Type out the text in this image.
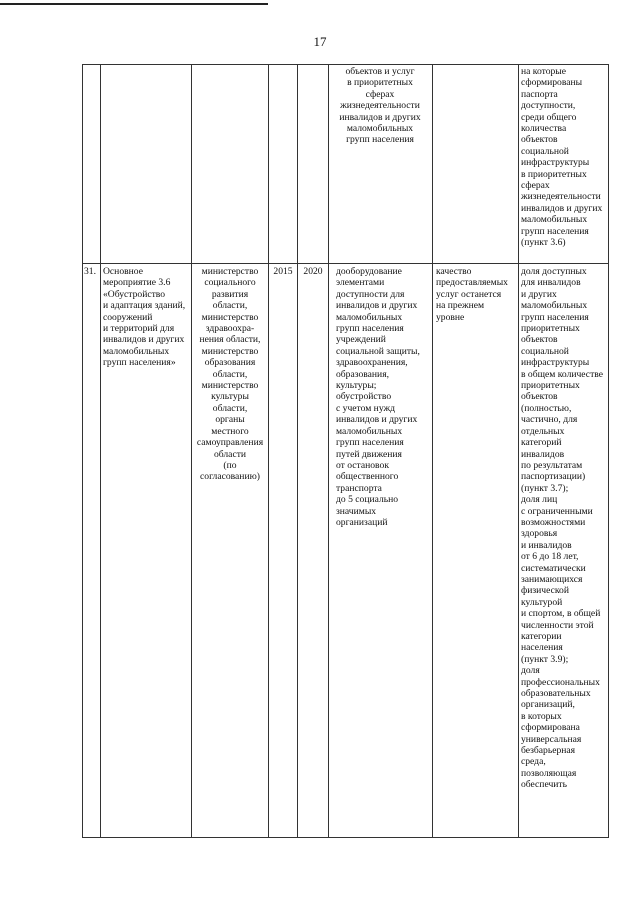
17
объектов и услуг
в приоритетных
сферах
жизнедеятельности
инвалидов и других
маломобильных
групп населения
на которые
сформированы
паспорта
доступности,
среди общего
количества
объектов
социальной
инфраструктуры
в приоритетных
сферах
жизнедеятельности
инвалидов и других
маломобильных
групп населения
(пункт 3.6)
31. Основное
мероприятие 3.6
«Обустройство
и адаптация зданий,
сооружений
и территорий для
инвалидов и других
маломобильных
групп населения»
министерство
социального
развития
области,
министерство
здравоохра-
нения области,
министерство
образования
области,
министерство
культуры
области,
органы
местного
самоуправления
области
(по
согласованию)
2015	2020	дооборудование
элементами
доступности для
инвалидов и других
маломобильных
групп населения
учреждений
социальной защиты,
здравоохранения,
образования,
культуры;
обустройство
с учетом нужд
инвалидов и других
маломобильных
групп населения
путей движения
от остановок
общественного
транспорта
до 5 социально
значимых
организаций
качество
предоставляемых
услуг останется
на прежнем
уровне
доля доступных
для инвалидов
и других
маломобильных
групп населения
приоритетных
объектов
социальной
инфраструктуры
в общем количестве
приоритетных
объектов
(полностью,
частично, для
отдельных
категорий
инвалидов
по результатам
паспортизации)
(пункт 3.7);
доля лиц
с ограниченными
возможностями
здоровья
и инвалидов
от 6 до 18 лет,
систематически
занимающихся
физической
культурой
и спортом, в общей
численности этой
категории
населения
(пункт 3.9);
доля
профессиональных
образовательных
организаций,
в которых
сформирована
универсальная
безбарьерная
среда,
позволяющая
обеспечить
